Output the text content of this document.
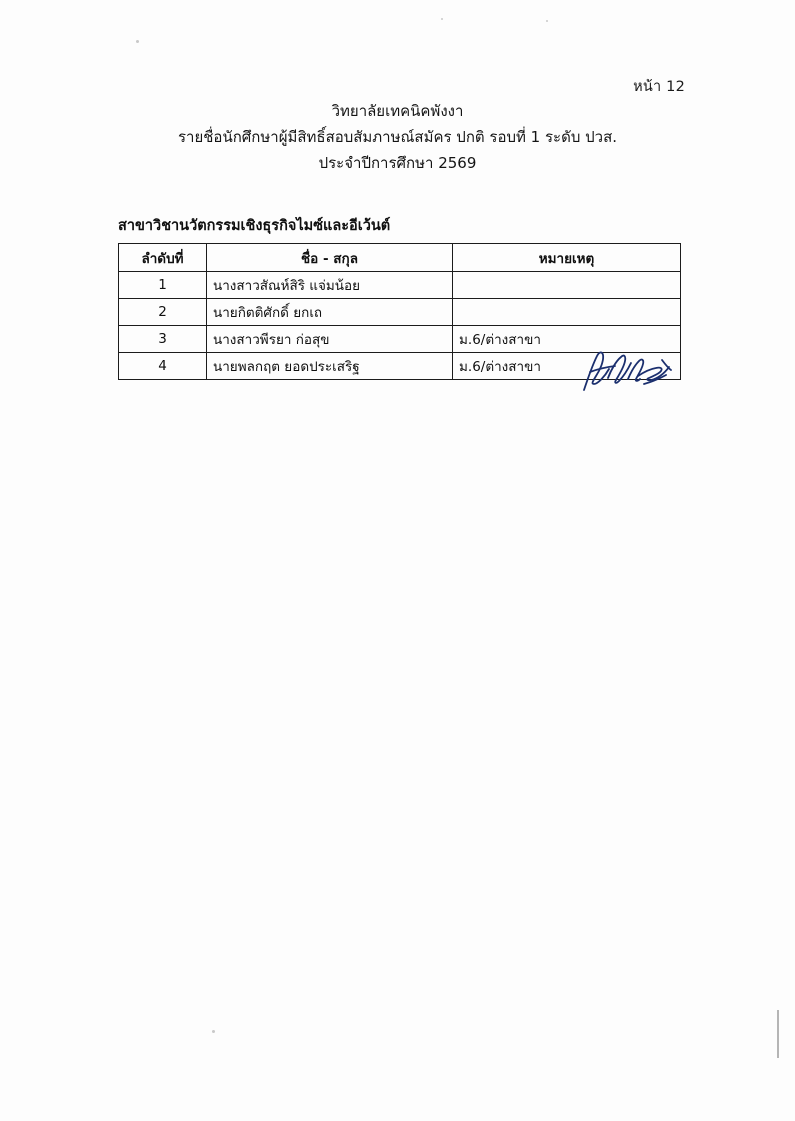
หน้า 12
วิทยาลัยเทคนิคพังงา
รายชื่อนักศึกษาผู้มีสิทธิ์สอบสัมภาษณ์สมัคร ปกติ รอบที่ 1 ระดับ ปวส.
ประจำปีการศึกษา 2569
สาขาวิชานวัตกรรมเชิงธุรกิจไมซ์และอีเว้นต์
ลำดับที่	ชื่อ - สกุล	หมายเหตุ
1	นางสาวสัณห์สิริ แจ่มน้อย	
2	นายกิตติศักดิ์ ยกเถ	
3	นางสาวพีรยา ก่อสุข	ม.6/ต่างสาขา
4	นายพลกฤต ยอดประเสริฐ	ม.6/ต่างสาขา
